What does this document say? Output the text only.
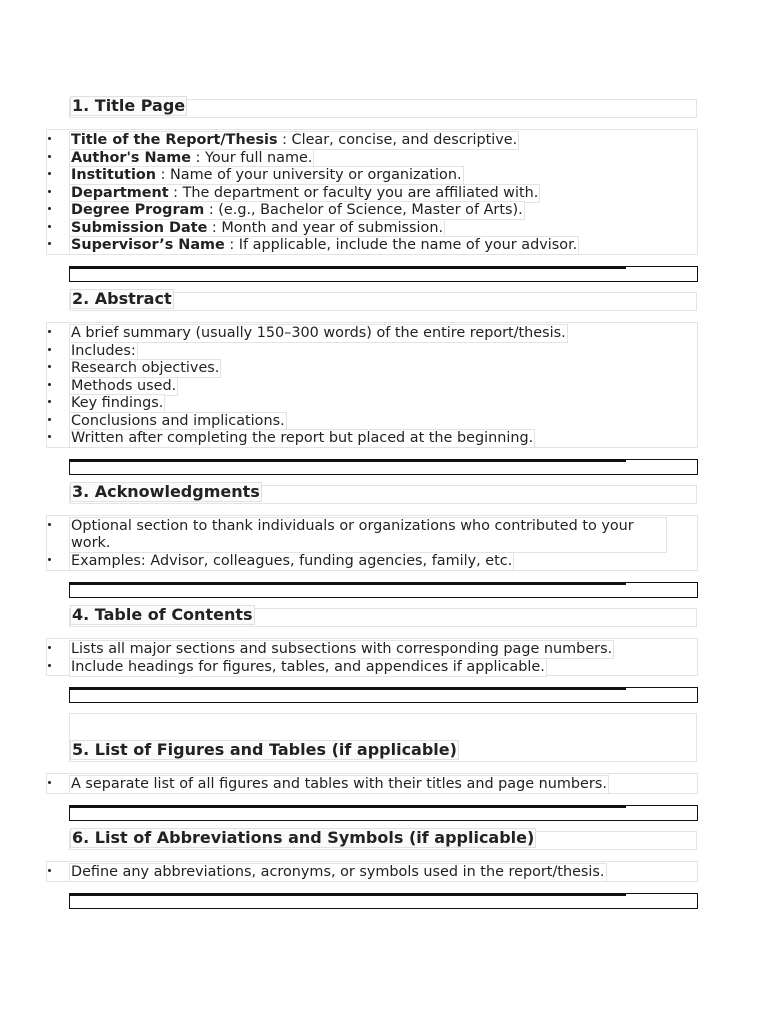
1. Title Page
Title of the Report/Thesis : Clear, concise, and descriptive.
Author's Name : Your full name.
Institution : Name of your university or organization.
Department : The department or faculty you are affiliated with.
Degree Program : (e.g., Bachelor of Science, Master of Arts).
Submission Date : Month and year of submission.
Supervisor’s Name : If applicable, include the name of your advisor.
2. Abstract
A brief summary (usually 150–300 words) of the entire report/thesis.
Includes:
Research objectives.
Methods used.
Key findings.
Conclusions and implications.
Written after completing the report but placed at the beginning.
3. Acknowledgments
Optional section to thank individuals or organizations who contributed to your work.
Examples: Advisor, colleagues, funding agencies, family, etc.
4. Table of Contents
Lists all major sections and subsections with corresponding page numbers.
Include headings for figures, tables, and appendices if applicable.
5. List of Figures and Tables (if applicable)
A separate list of all figures and tables with their titles and page numbers.
6. List of Abbreviations and Symbols (if applicable)
Define any abbreviations, acronyms, or symbols used in the report/thesis.
